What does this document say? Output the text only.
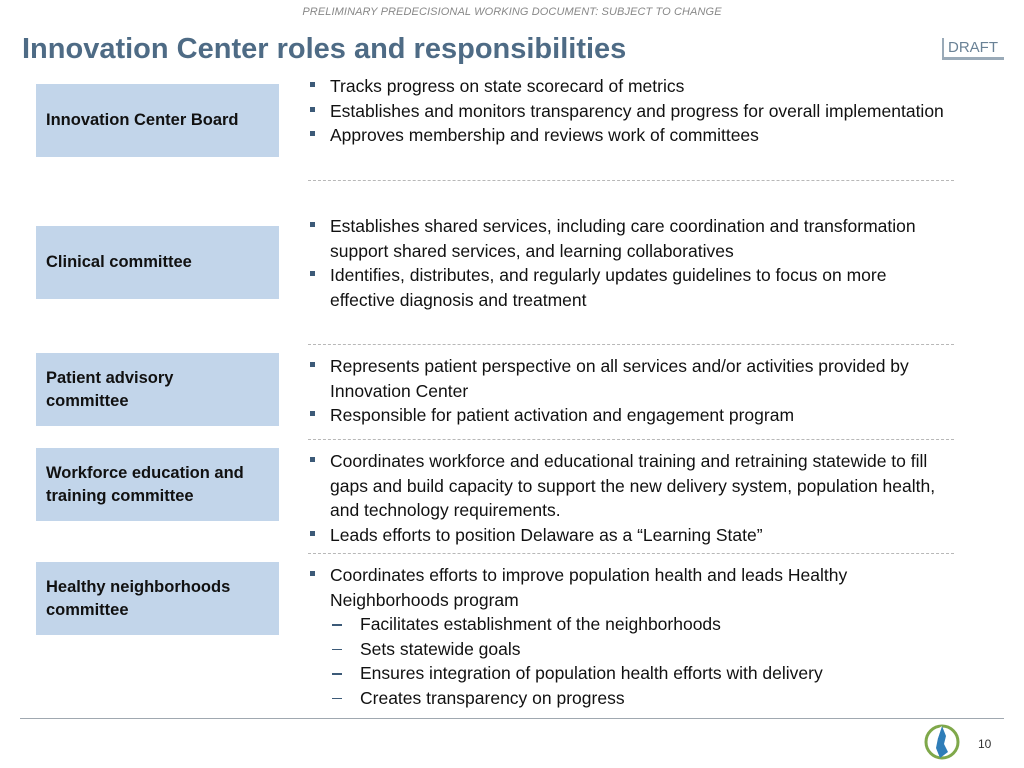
PRELIMINARY PREDECISIONAL WORKING DOCUMENT: SUBJECT TO CHANGE
Innovation Center roles and responsibilities	DRAFT
Innovation Center Board
Tracks progress on state scorecard of metrics
Establishes and monitors transparency and progress for overall implementation
Approves membership and reviews work of committees
Clinical committee
Establishes shared services, including care coordination and transformation support shared services, and learning collaboratives
Identifies, distributes, and regularly updates guidelines to focus on more effective diagnosis and treatment
Patient advisory committee
Represents patient perspective on all services and/or activities provided by Innovation Center
Responsible for patient activation and engagement program
Workforce education and training committee
Coordinates workforce and educational training and retraining statewide to fill gaps and build capacity to support the new delivery system, population health, and technology requirements.
Leads efforts to position Delaware as a “Learning State”
Healthy neighborhoods committee
Coordinates efforts to improve population health and leads Healthy Neighborhoods program
Facilitates establishment of the neighborhoods
Sets statewide goals
Ensures integration of population health efforts with delivery
Creates transparency on progress
10
